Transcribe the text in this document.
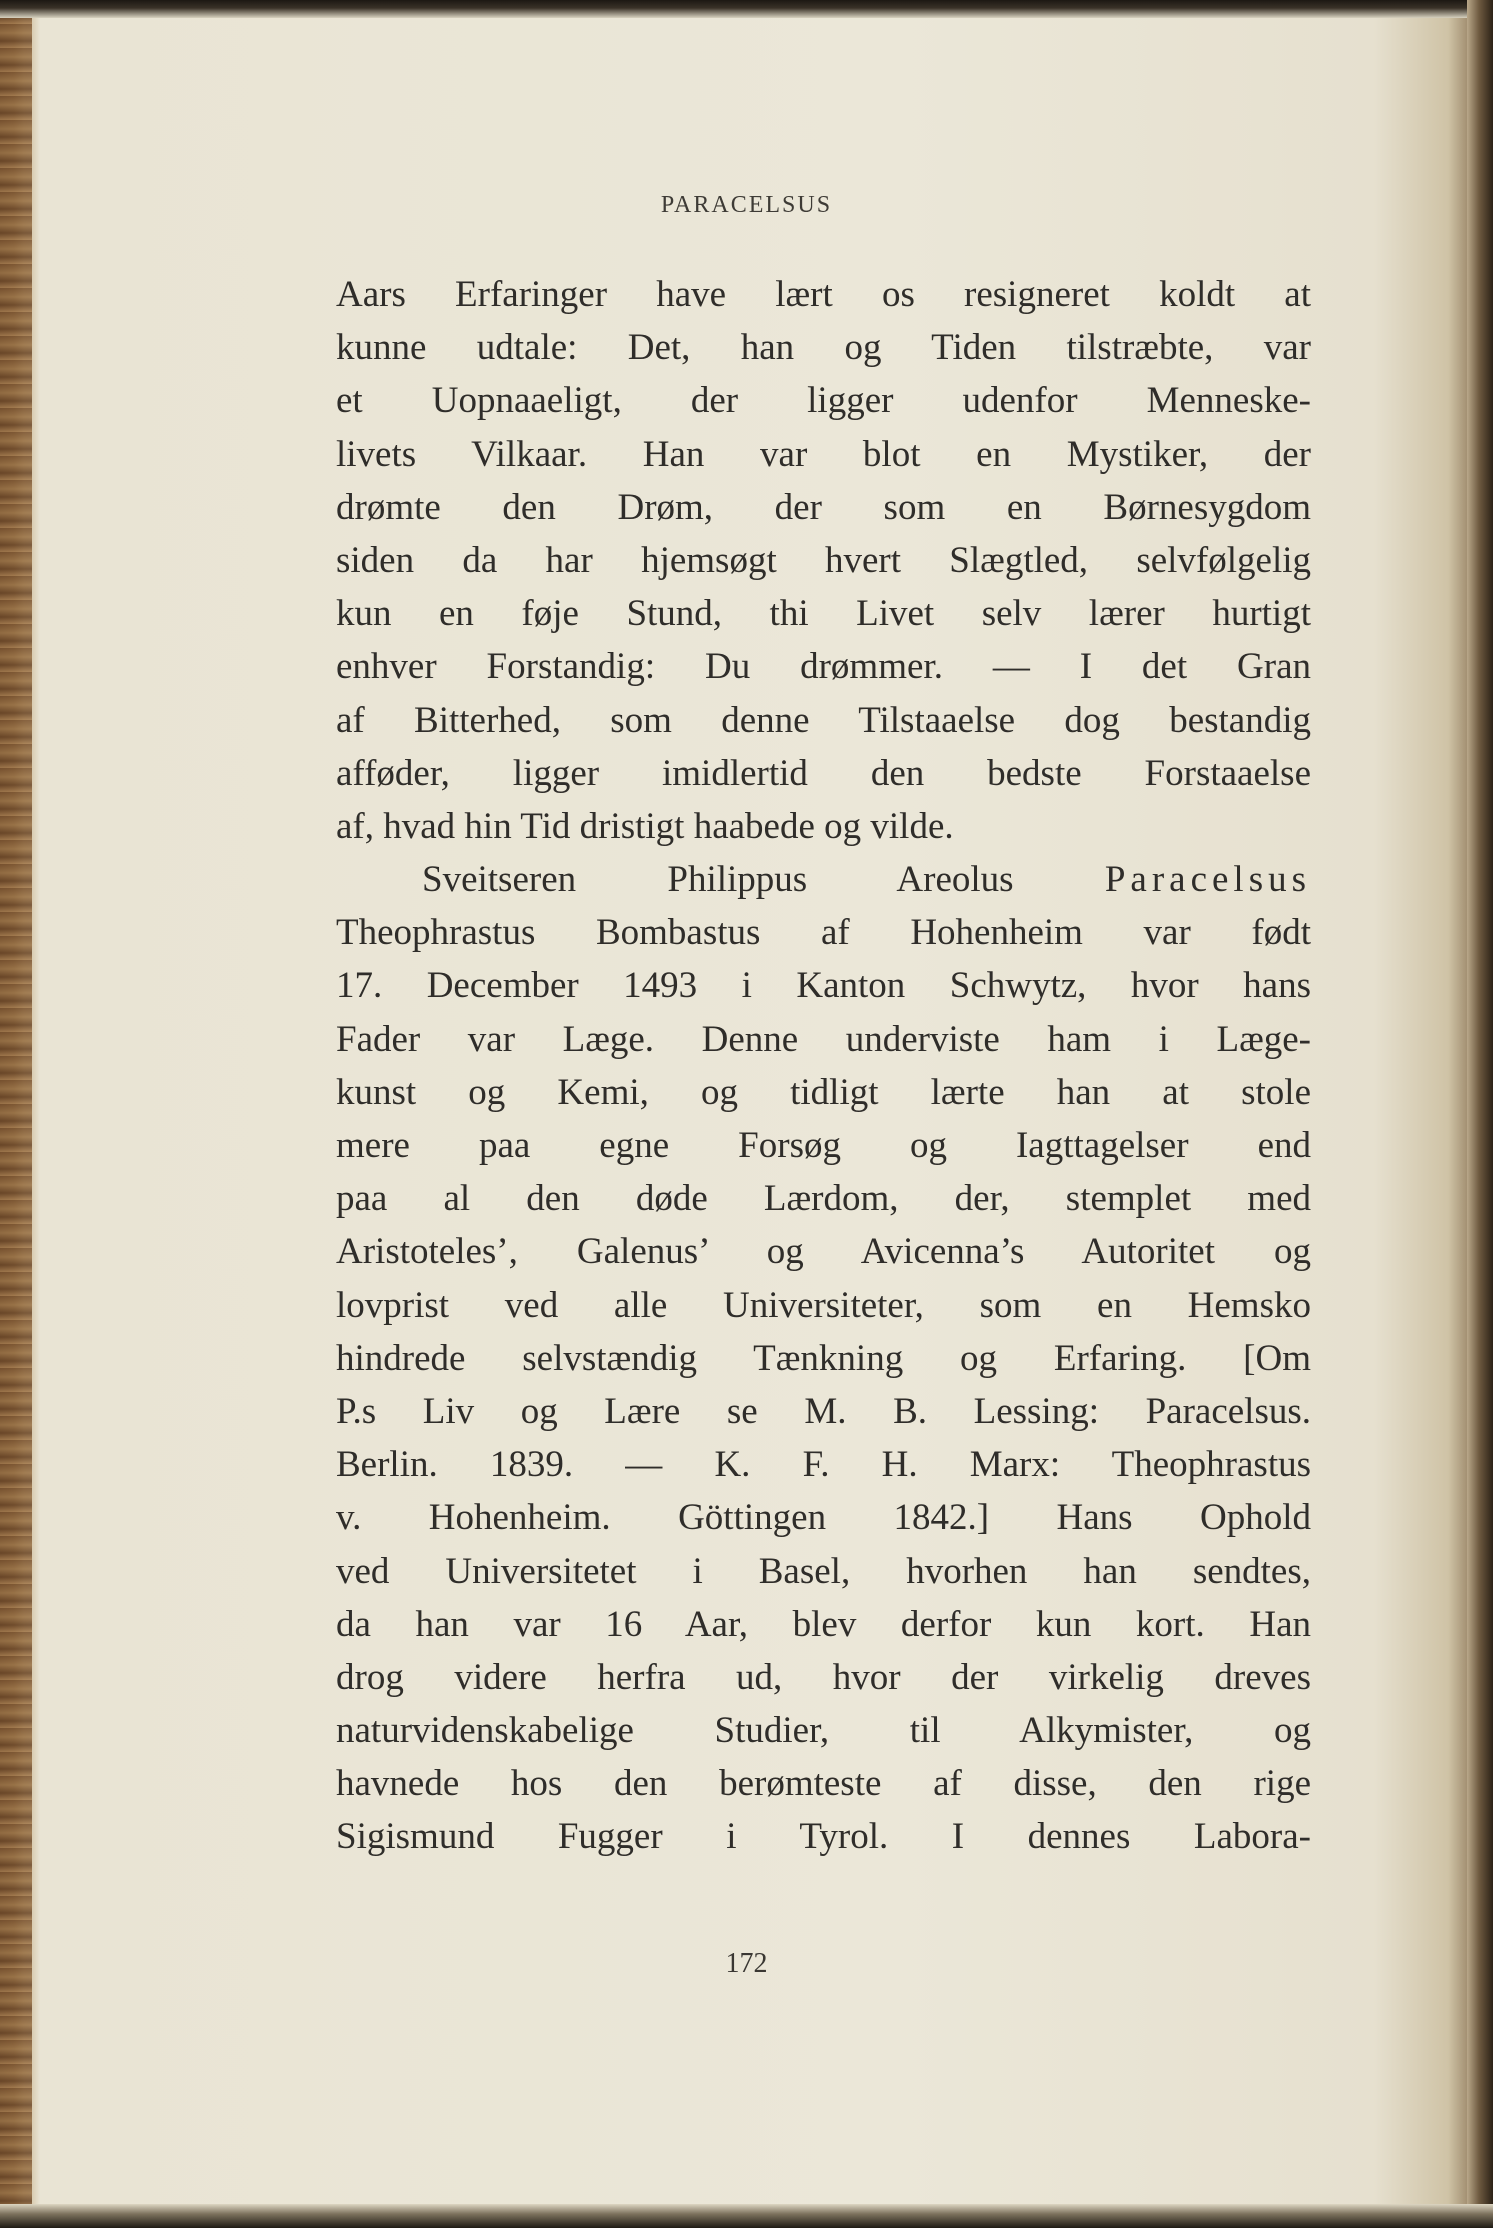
PARACELSUS
Aars Erfaringer have lært os resigneret koldt at
kunne udtale: Det, han og Tiden tilstræbte, var
et Uopnaaeligt, der ligger udenfor Menneske-
livets Vilkaar. Han var blot en Mystiker, der
drømte den Drøm, der som en Børnesygdom
siden da har hjemsøgt hvert Slægtled, selvfølgelig
kun en føje Stund, thi Livet selv lærer hurtigt
enhver Forstandig: Du drømmer. — I det Gran
af Bitterhed, som denne Tilstaaelse dog bestandig
afføder, ligger imidlertid den bedste Forstaaelse
af, hvad hin Tid dristigt haabede og vilde.
Sveitseren Philippus Areolus Paracelsus
Theophrastus Bombastus af Hohenheim var født
17. December 1493 i Kanton Schwytz, hvor hans
Fader var Læge. Denne underviste ham i Læge-
kunst og Kemi, og tidligt lærte han at stole
mere paa egne Forsøg og Iagttagelser end
paa al den døde Lærdom, der, stemplet med
Aristoteles’, Galenus’ og Avicenna’s Autoritet og
lovprist ved alle Universiteter, som en Hemsko
hindrede selvstændig Tænkning og Erfaring. [Om
P.s Liv og Lære se M. B. Lessing: Paracelsus.
Berlin. 1839. — K. F. H. Marx: Theophrastus
v. Hohenheim. Göttingen 1842.] Hans Ophold
ved Universitetet i Basel, hvorhen han sendtes,
da han var 16 Aar, blev derfor kun kort. Han
drog videre herfra ud, hvor der virkelig dreves
naturvidenskabelige Studier, til Alkymister, og
havnede hos den berømteste af disse, den rige
Sigismund Fugger i Tyrol. I dennes Labora-
172
